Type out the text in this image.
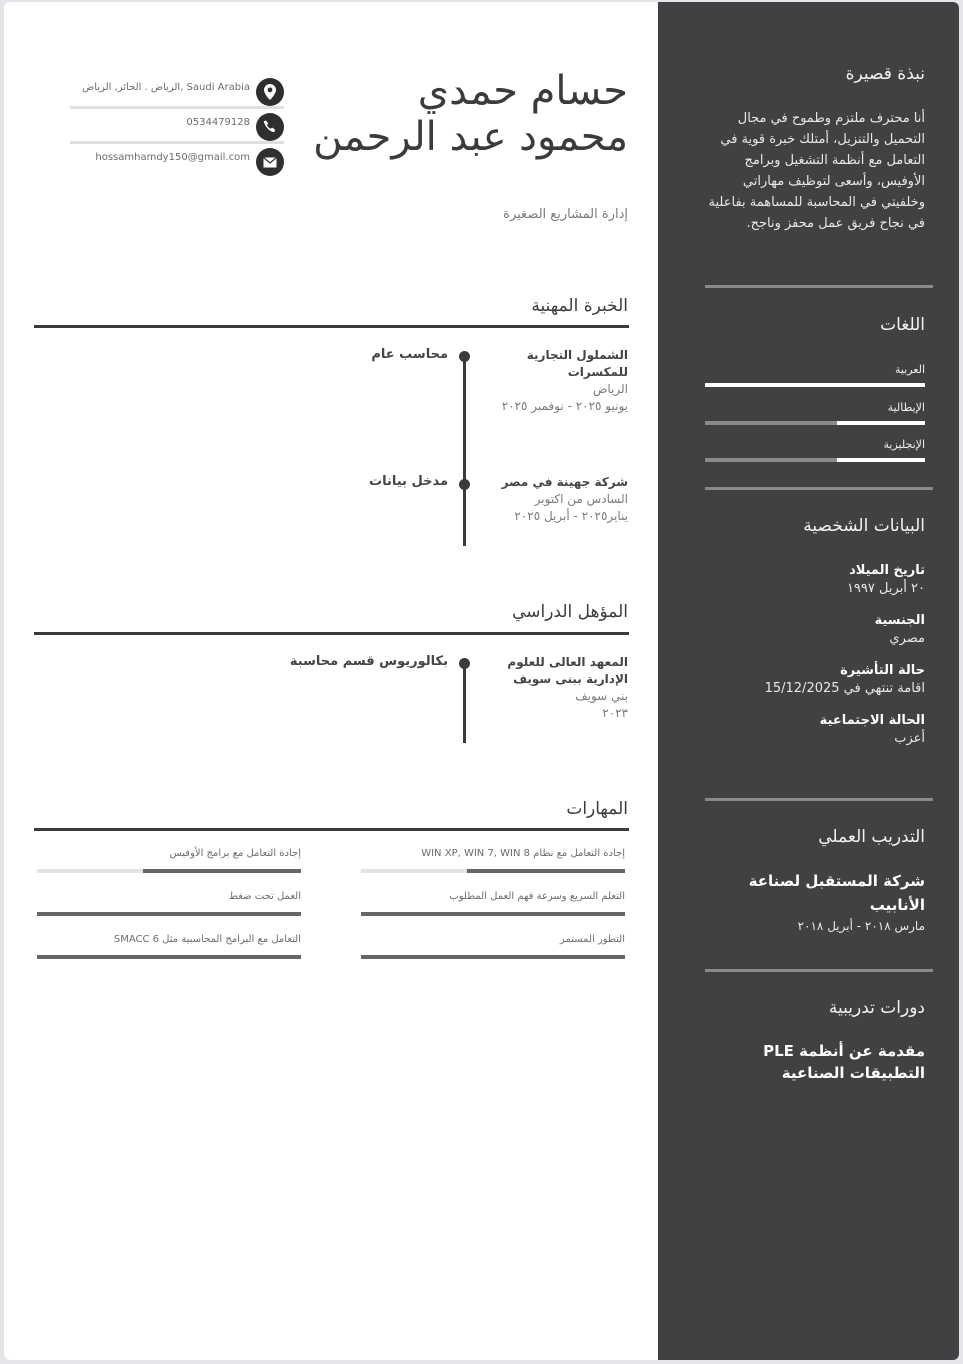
حسام حمدي محمود عبد الرحمن
إدارة المشاريع الصغيرة
الرياض . الحائر, الرياض, Saudi Arabia
0534479128
hossamhamdy150@gmail.com
الخبرة المهنية
الشملول التجارية للمكسرات
الرياض
يونيو ٢٠٢٥ - نوفمبر ٢٠٢٥
محاسب عام
شركة جهينة في مصر
السادس من اكتوبر
يناير٢٠٢٥ - أبريل ٢٠٢٥
مدخل بيانات
المؤهل الدراسي
المعهد العالى للعلوم الإدارية ببنى سويف
بني سويف
٢٠٢٣
بكالوريوس قسم محاسبة
المهارات
إجادة التعامل مع نظام WIN XP, WIN 7, WIN 8
إجادة التعامل مع برامج الأوفيس
التعلم السريع وسرعة فهم العمل المطلوب
العمل تحت ضغط
التطور المستمر
التعامل مع البرامج المحاسبية مثل SMACC 6
نبذة قصيرة
أنا محترف ملتزم وطموح في مجال التحميل والتنزيل، أمتلك خبرة قوية في التعامل مع أنظمة التشغيل وبرامج الأوفيس، وأسعى لتوظيف مهاراتي وخلفيتي في المحاسبة للمساهمة بفاعلية في نجاح فريق عمل محفز وناجح.
اللغات
العربية
الإيطالية
الإنجليزية
البيانات الشخصية
تاريخ الميلاد
٢٠ أبريل ١٩٩٧
الجنسية
مصري
حالة التأشيرة
اقامة تنتهي في 15/12/2025
الحالة الاجتماعية
أعزب
التدريب العملي
شركة المستقبل لصناعة الأنابيب
مارس ٢٠١٨ - أبريل ٢٠١٨
دورات تدريبية
مقدمة عن أنظمة PLE التطبيقات الصناعية
